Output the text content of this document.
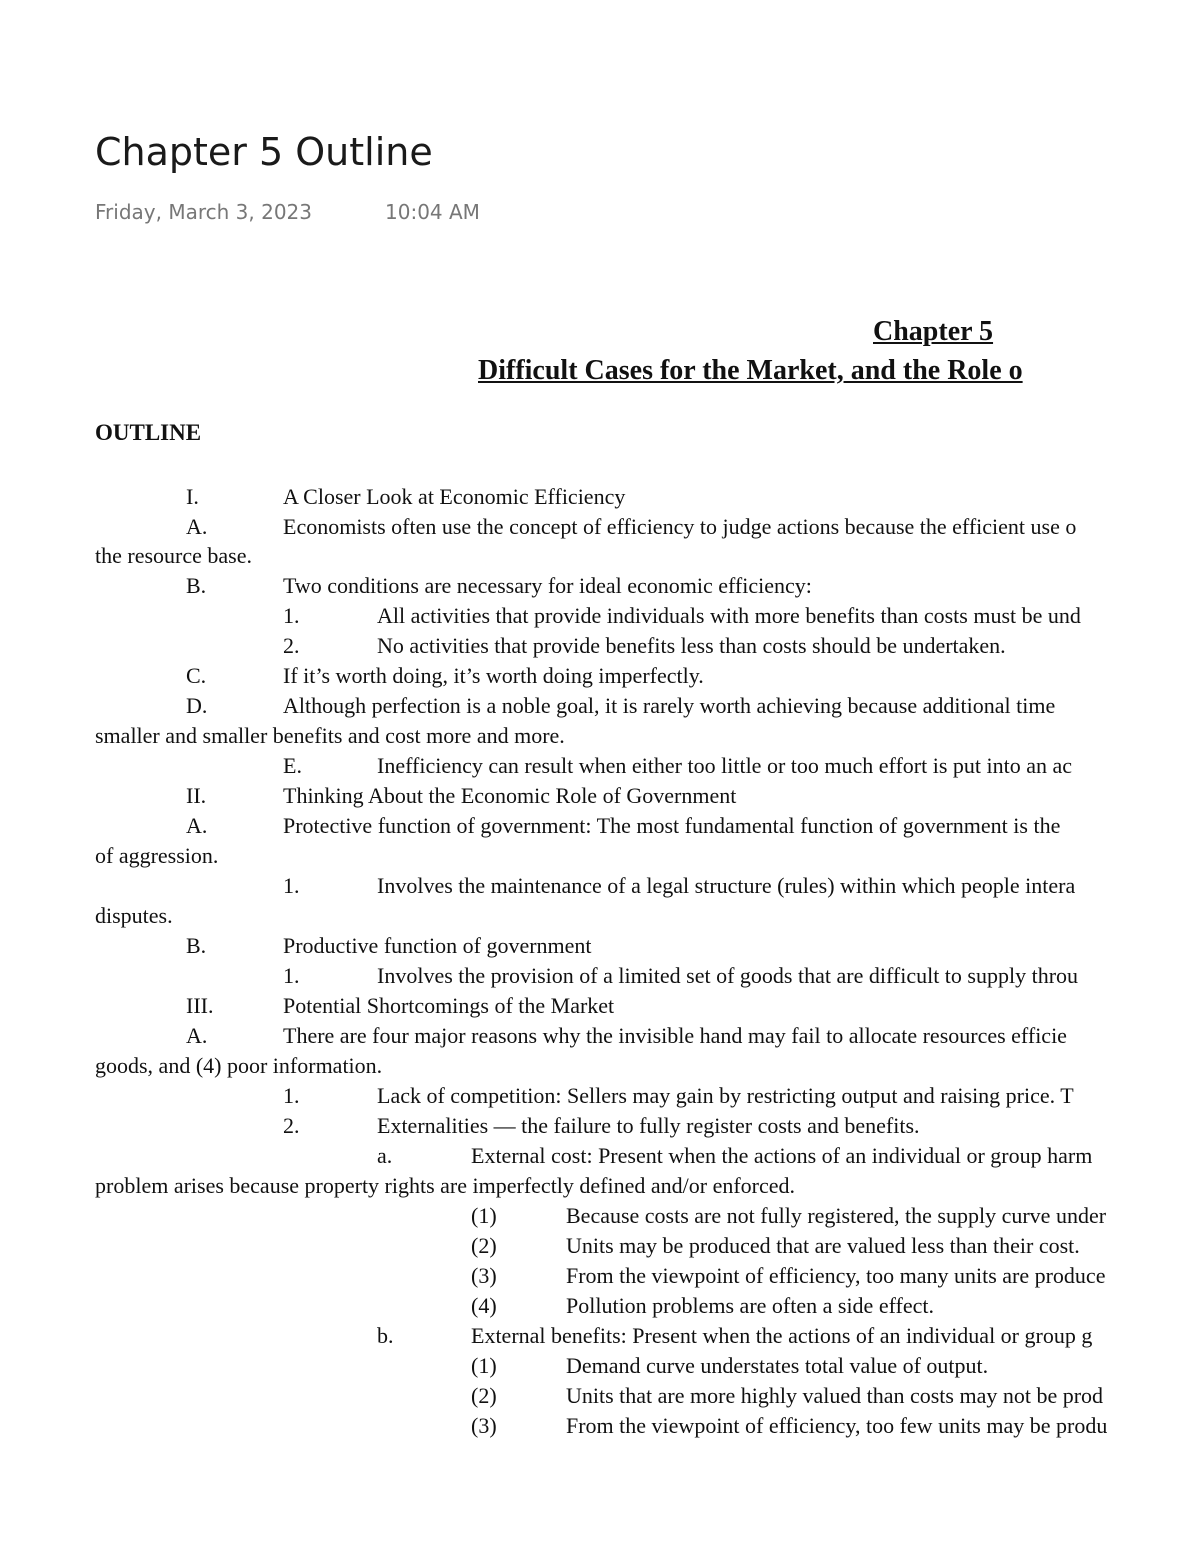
Chapter 5 Outline
Friday, March 3, 2023	10:04 AM
Chapter 5
Difficult Cases for the Market, and the Role o
OUTLINE
I.	A Closer Look at Economic Efficiency
A.	Economists often use the concept of efficiency to judge actions because the efficient use o
the resource base.
B.	Two conditions are necessary for ideal economic efficiency:
1.	All activities that provide individuals with more benefits than costs must be und
2.	No activities that provide benefits less than costs should be undertaken.
C.	If it’s worth doing, it’s worth doing imperfectly.
D.	Although perfection is a noble goal, it is rarely worth achieving because additional time
smaller and smaller benefits and cost more and more.
E.	Inefficiency can result when either too little or too much effort is put into an ac
II.	Thinking About the Economic Role of Government
A.	Protective function of government: The most fundamental function of government is the
of aggression.
1.	Involves the maintenance of a legal structure (rules) within which people intera
disputes.
B.	Productive function of government
1.	Involves the provision of a limited set of goods that are difficult to supply throu
III.	Potential Shortcomings of the Market
A.	There are four major reasons why the invisible hand may fail to allocate resources efficie
goods, and (4) poor information.
1.	Lack of competition: Sellers may gain by restricting output and raising price. T
2.	Externalities — the failure to fully register costs and benefits.
a.	External cost: Present when the actions of an individual or group harm
problem arises because property rights are imperfectly defined and/or enforced.
(1)	Because costs are not fully registered, the supply curve under
(2)	Units may be produced that are valued less than their cost.
(3)	From the viewpoint of efficiency, too many units are produce
(4)	Pollution problems are often a side effect.
b.	External benefits: Present when the actions of an individual or group g
(1)	Demand curve understates total value of output.
(2)	Units that are more highly valued than costs may not be prod
(3)	From the viewpoint of efficiency, too few units may be produ
